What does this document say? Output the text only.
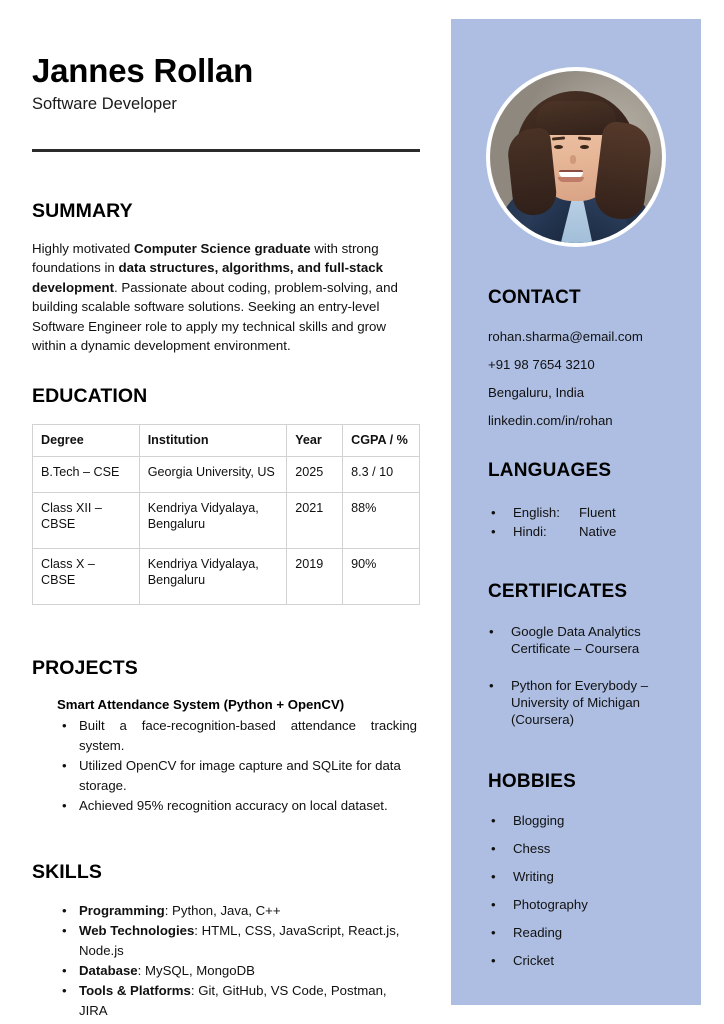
Jannes Rollan
Software Developer
SUMMARY
Highly motivated Computer Science graduate with strong foundations in data structures, algorithms, and full-stack development. Passionate about coding, problem-solving, and building scalable software solutions. Seeking an entry-level Software Engineer role to apply my technical skills and grow within a dynamic development environment.
EDUCATION
Degree	Institution	Year	CGPA / %
B.Tech – CSE	Georgia University, US	2025	8.3 / 10
Class XII – CBSE	Kendriya Vidyalaya, Bengaluru	2021	88%
Class X – CBSE	Kendriya Vidyalaya, Bengaluru	2019	90%
PROJECTS
Smart Attendance System (Python + OpenCV)
• Built a face-recognition-based attendance tracking system.
• Utilized OpenCV for image capture and SQLite for data storage.
• Achieved 95% recognition accuracy on local dataset.
SKILLS
• Programming: Python, Java, C++
• Web Technologies: HTML, CSS, JavaScript, React.js, Node.js
• Database: MySQL, MongoDB
• Tools & Platforms: Git, GitHub, VS Code, Postman, JIRA
CONTACT
rohan.sharma@email.com
+91 98 7654 3210
Bengaluru, India
linkedin.com/in/rohan
LANGUAGES
• English: Fluent
• Hindi: Native
CERTIFICATES
• Google Data Analytics Certificate – Coursera
• Python for Everybody – University of Michigan (Coursera)
HOBBIES
• Blogging
• Chess
• Writing
• Photography
• Reading
• Cricket
